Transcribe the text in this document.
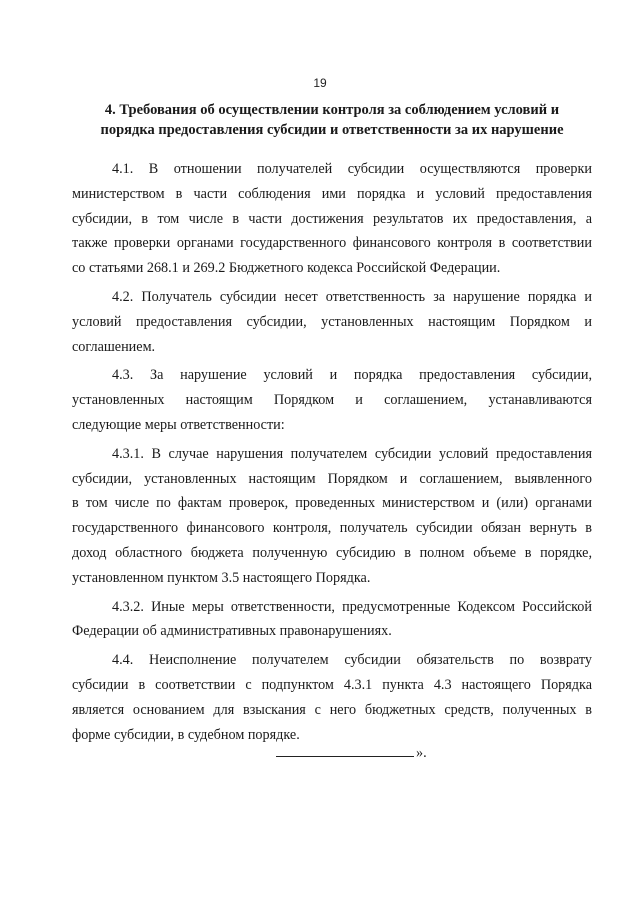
19
4. Требования об осуществлении контроля за соблюдением условий и
порядка предоставления субсидии и ответственности за их нарушение
4.1. В отношении получателей субсидии осуществляются проверки
министерством в части соблюдения ими порядка и условий предоставления
субсидии, в том числе в части достижения результатов их предоставления, а
также проверки органами государственного финансового контроля в соответствии
со статьями 268.1 и 269.2 Бюджетного кодекса Российской Федерации.
4.2. Получатель субсидии несет ответственность за нарушение порядка и
условий предоставления субсидии, установленных настоящим Порядком и
соглашением.
4.3. За нарушение условий и порядка предоставления субсидии,
установленных настоящим Порядком и соглашением, устанавливаются
следующие меры ответственности:
4.3.1. В случае нарушения получателем субсидии условий предоставления
субсидии, установленных настоящим Порядком и соглашением, выявленного
в том числе по фактам проверок, проведенных министерством и (или) органами
государственного финансового контроля, получатель субсидии обязан вернуть в
доход областного бюджета полученную субсидию в полном объеме в порядке,
установленном пунктом 3.5 настоящего Порядка.
4.3.2. Иные меры ответственности, предусмотренные Кодексом Российской
Федерации об административных правонарушениях.
4.4. Неисполнение получателем субсидии обязательств по возврату
субсидии в соответствии с подпунктом 4.3.1 пункта 4.3 настоящего Порядка
является основанием для взыскания с него бюджетных средств, полученных в
форме субсидии, в судебном порядке.
».
